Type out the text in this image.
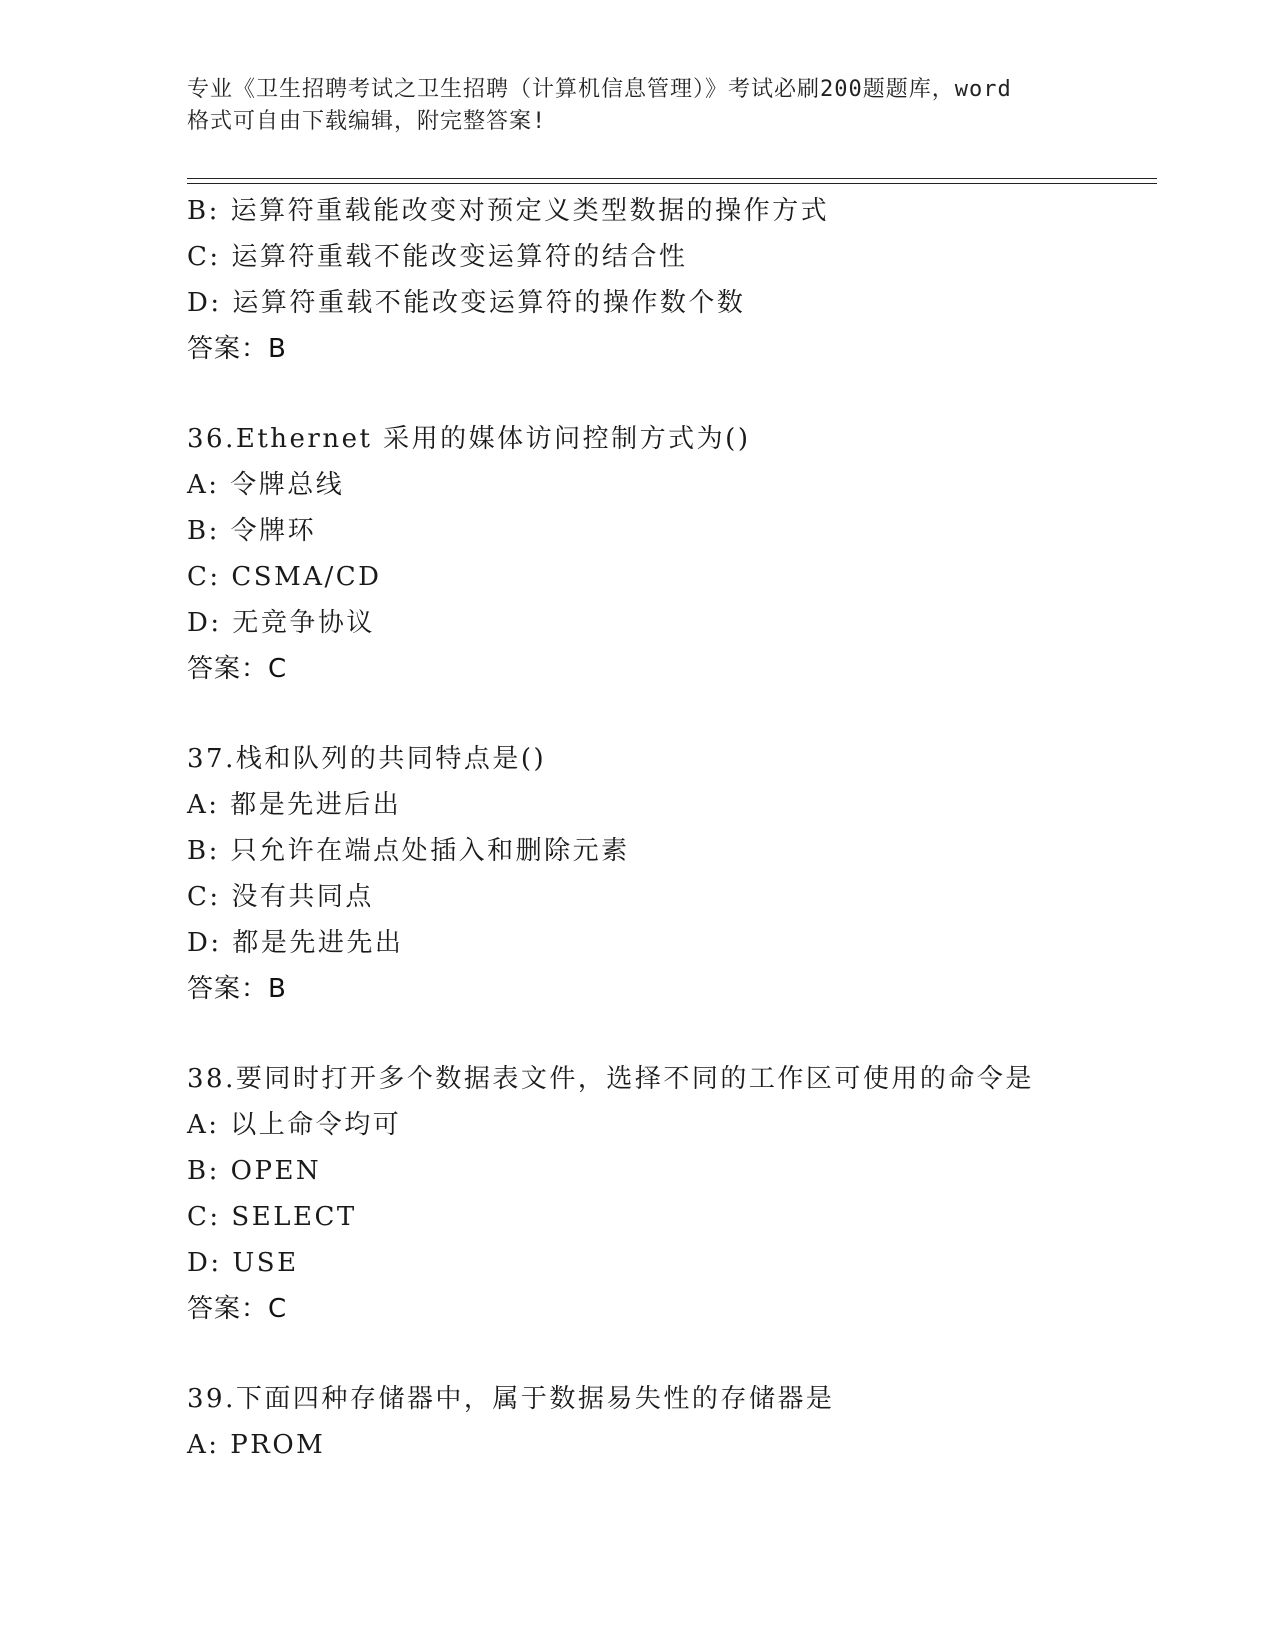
专业《卫生招聘考试之卫生招聘（计算机信息管理）》考试必刷200题题库，word
格式可自由下载编辑，附完整答案!
B: 运算符重载能改变对预定义类型数据的操作方式
C: 运算符重载不能改变运算符的结合性
D: 运算符重载不能改变运算符的操作数个数
答案：B
36.Ethernet 采用的媒体访问控制方式为()
A: 令牌总线
B: 令牌环
C: CSMA/CD
D: 无竞争协议
答案：C
37.栈和队列的共同特点是()
A: 都是先进后出
B: 只允许在端点处插入和删除元素
C: 没有共同点
D: 都是先进先出
答案：B
38.要同时打开多个数据表文件，选择不同的工作区可使用的命令是
A: 以上命令均可
B: OPEN
C: SELECT
D: USE
答案：C
39.下面四种存储器中，属于数据易失性的存储器是
A: PROM
